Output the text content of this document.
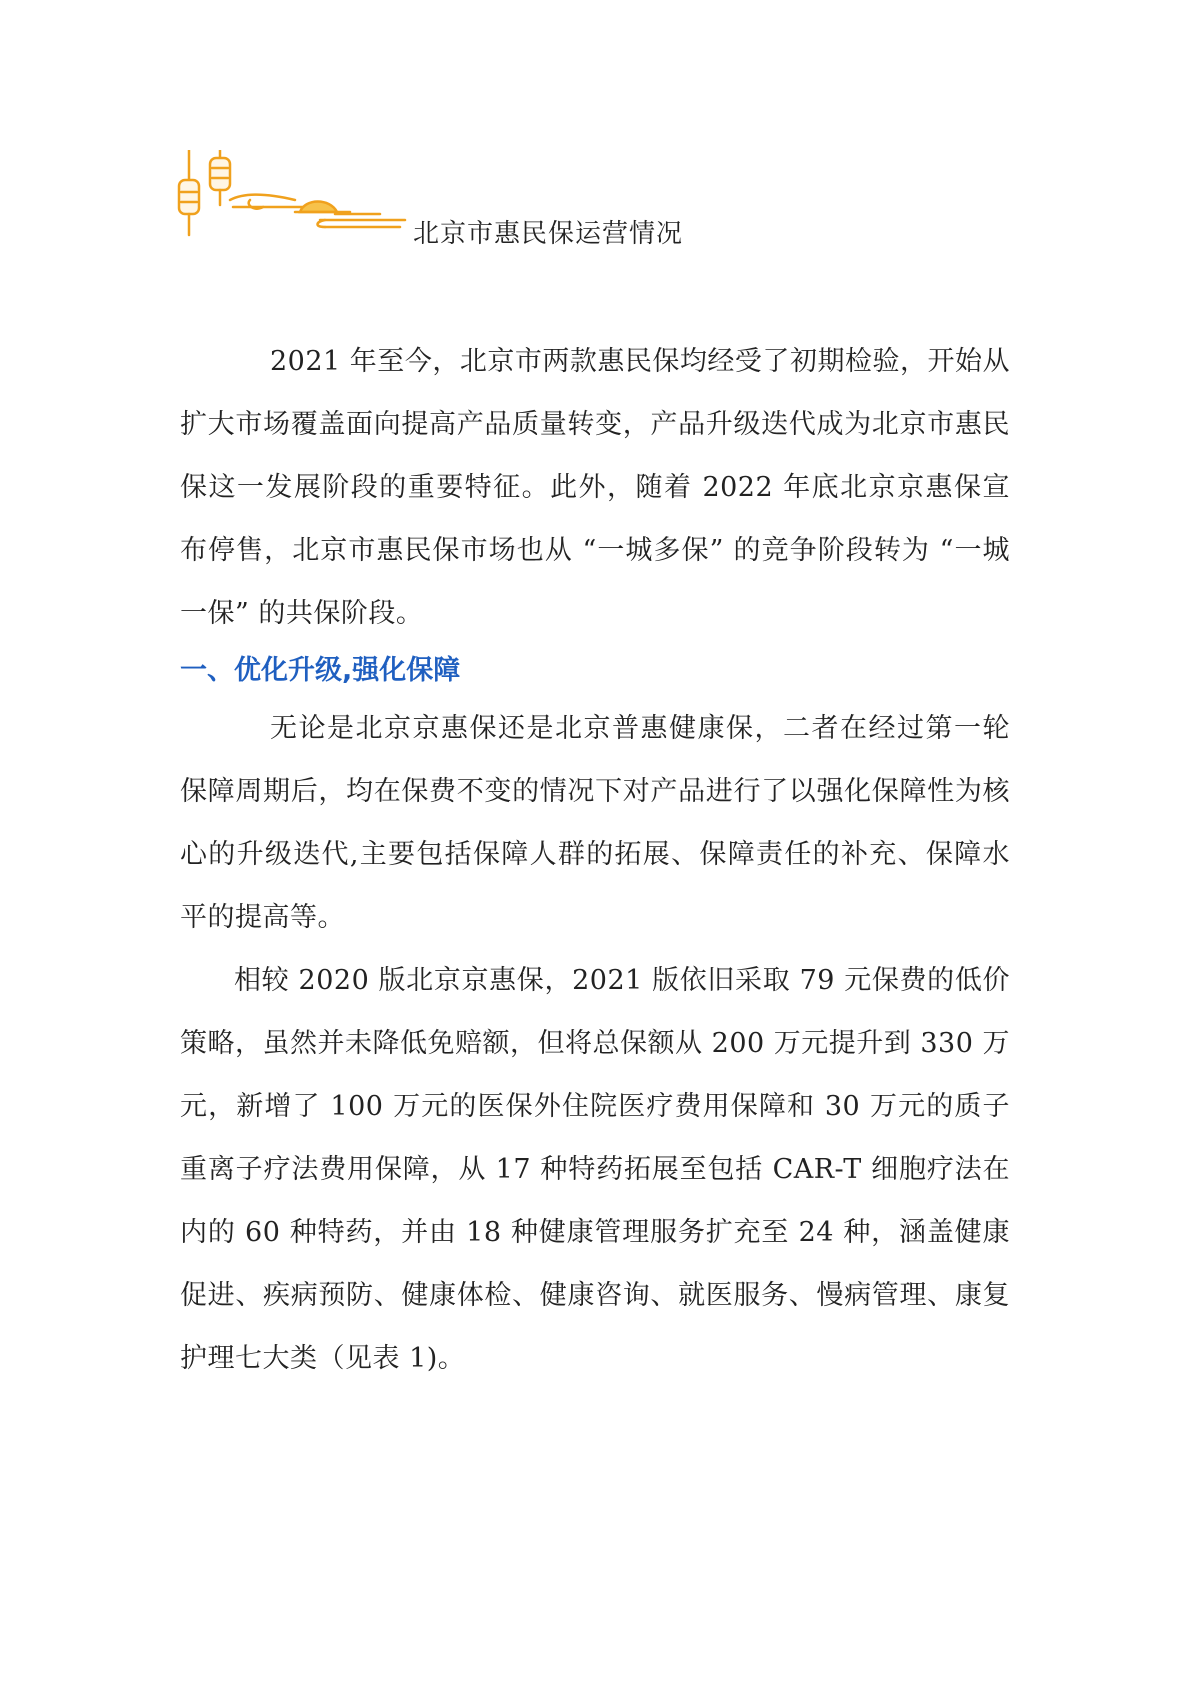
北京市惠民保运营情况

2021 年至今，北京市两款惠民保均经受了初期检验，开始从扩大市场覆盖面向提高产品质量转变，产品升级迭代成为北京市惠民保这一发展阶段的重要特征。此外，随着 2022 年底北京京惠保宣布停售，北京市惠民保市场也从 “一城多保” 的竞争阶段转为 “一城一保” 的共保阶段。

一、优化升级,强化保障

无论是北京京惠保还是北京普惠健康保，二者在经过第一轮保障周期后，均在保费不变的情况下对产品进行了以强化保障性为核心的升级迭代,主要包括保障人群的拓展、保障责任的补充、保障水平的提高等。

相较 2020 版北京京惠保，2021 版依旧采取 79 元保费的低价策略，虽然并未降低免赔额，但将总保额从 200 万元提升到 330 万元，新增了 100 万元的医保外住院医疗费用保障和 30 万元的质子重离子疗法费用保障，从 17 种特药拓展至包括 CAR-T 细胞疗法在内的 60 种特药，并由 18 种健康管理服务扩充至 24 种，涵盖健康促进、疾病预防、健康体检、健康咨询、就医服务、慢病管理、康复护理七大类（见表 1)。
